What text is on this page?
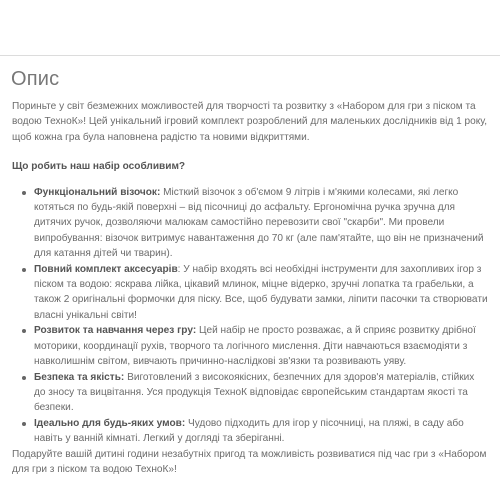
Опис

Пориньте у світ безмежних можливостей для творчості та розвитку з «Набором для гри з піском та водою ТехноК»! Цей унікальний ігровий комплект розроблений для маленьких дослідників від 1 року, щоб кожна гра була наповнена радістю та новими відкриттями.

Що робить наш набір особливим?

Функціональний візочок: Місткий візочок з об'ємом 9 літрів і м'якими колесами, які легко котяться по будь-якій поверхні – від пісочниці до асфальту. Ергономічна ручка зручна для дитячих ручок, дозволяючи малюкам самостійно перевозити свої "скарби". Ми провели випробування: візочок витримує навантаження до 70 кг (але пам'ятайте, що він не призначений для катання дітей чи тварин).
Повний комплект аксесуарів: У набір входять всі необхідні інструменти для захопливих ігор з піском та водою: яскрава лійка, цікавий млинок, міцне відерко, зручні лопатка та грабельки, а також 2 оригінальні формочки для піску. Все, щоб будувати замки, ліпити пасочки та створювати власні унікальні світи!
Розвиток та навчання через гру: Цей набір не просто розважає, а й сприяє розвитку дрібної моторики, координації рухів, творчого та логічного мислення. Діти навчаються взаємодіяти з навколишнім світом, вивчають причинно-наслідкові зв'язки та розвивають уяву.
Безпека та якість: Виготовлений з високоякісних, безпечних для здоров'я матеріалів, стійких до зносу та вицвітання. Уся продукція ТехноК відповідає європейським стандартам якості та безпеки.
Ідеально для будь-яких умов: Чудово підходить для ігор у пісочниці, на пляжі, в саду або навіть у ванній кімнаті. Легкий у догляді та зберіганні.

Подаруйте вашій дитині години незабутніх пригод та можливість розвиватися під час гри з «Набором для гри з піском та водою ТехноК»!
